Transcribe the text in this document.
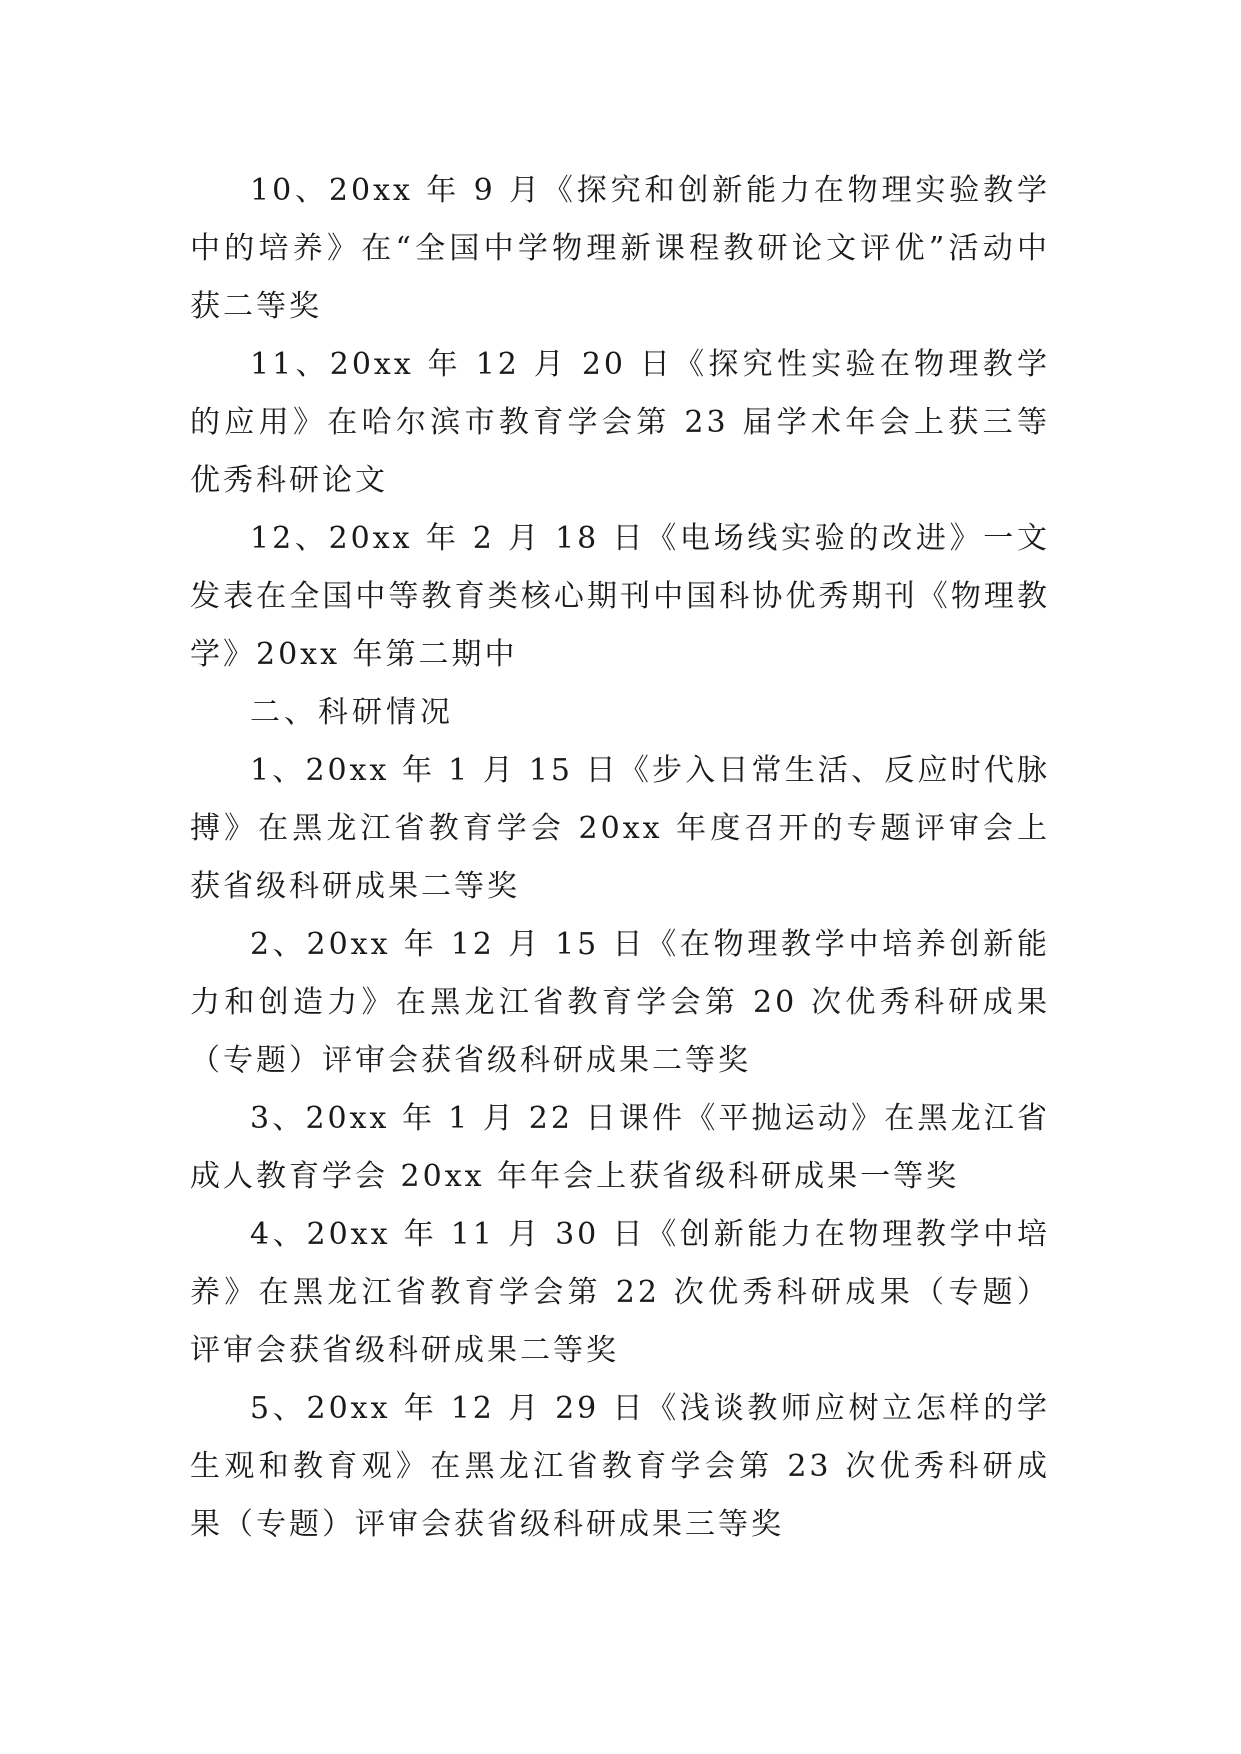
10、20xx 年 9 月《探究和创新能力在物理实验教学中的培养》在“全国中学物理新课程教研论文评优”活动中获二等奖

11、20xx 年 12 月 20 日《探究性实验在物理教学的应用》在哈尔滨市教育学会第 23 届学术年会上获三等优秀科研论文

12、20xx 年 2 月 18 日《电场线实验的改进》一文发表在全国中等教育类核心期刊中国科协优秀期刊《物理教学》20xx 年第二期中

二、科研情况

1、20xx 年 1 月 15 日《步入日常生活、反应时代脉搏》在黑龙江省教育学会 20xx 年度召开的专题评审会上获省级科研成果二等奖

2、20xx 年 12 月 15 日《在物理教学中培养创新能力和创造力》在黑龙江省教育学会第 20 次优秀科研成果（专题）评审会获省级科研成果二等奖

3、20xx 年 1 月 22 日课件《平抛运动》在黑龙江省成人教育学会 20xx 年年会上获省级科研成果一等奖

4、20xx 年 11 月 30 日《创新能力在物理教学中培养》在黑龙江省教育学会第 22 次优秀科研成果（专题）评审会获省级科研成果二等奖

5、20xx 年 12 月 29 日《浅谈教师应树立怎样的学生观和教育观》在黑龙江省教育学会第 23 次优秀科研成果（专题）评审会获省级科研成果三等奖
